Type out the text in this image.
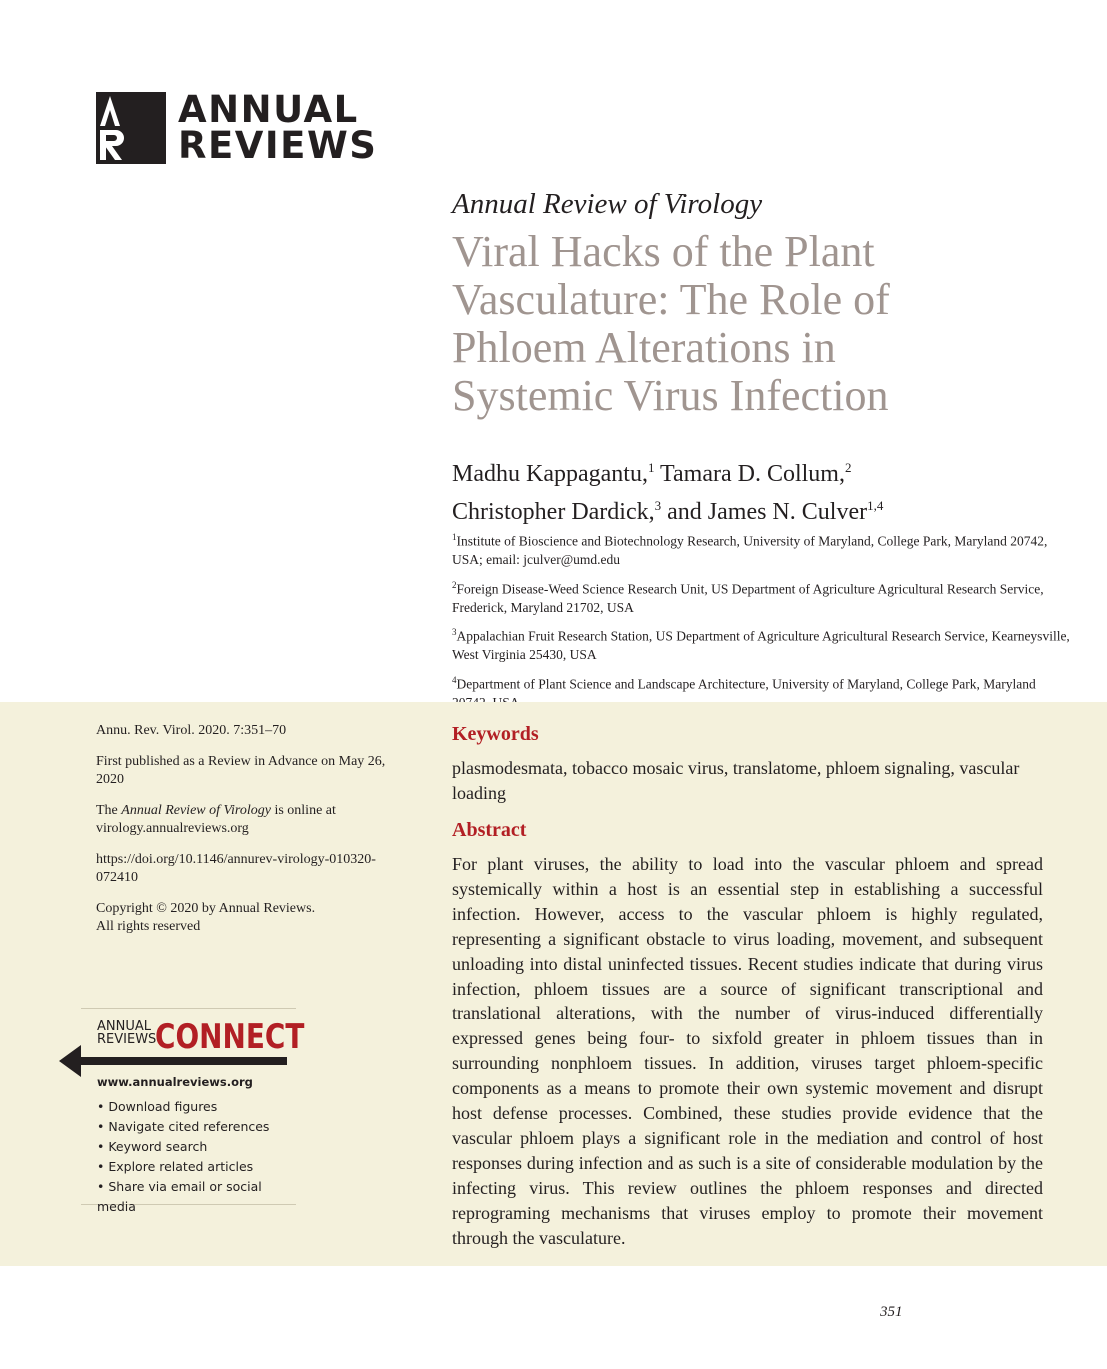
AR
ANNUAL
REVIEWS
Annual Review of Virology
Viral Hacks of the Plant
Vasculature: The Role of
Phloem Alterations in
Systemic Virus Infection
Madhu Kappagantu,$^1$ Tamara D. Collum,$^2$
Christopher Dardick,$^3$ and James N. Culver$^{1,4}$
$^1$Institute of Bioscience and Biotechnology Research, University of Maryland, College Park, Maryland 20742, USA; email: jculver@umd.edu
$^2$Foreign Disease-Weed Science Research Unit, US Department of Agriculture Agricultural Research Service, Frederick, Maryland 21702, USA
$^3$Appalachian Fruit Research Station, US Department of Agriculture Agricultural Research Service, Kearneysville, West Virginia 25430, USA
$^4$Department of Plant Science and Landscape Architecture, University of Maryland, College Park, Maryland

Annu. Rev. Virol. 2020. 7:351–70

First published as a Review in Advance on May 26, 2020

The Annual Review of Virology is online at virology.annualreviews.org

https://doi.org/10.1146/annurev-virology-010320-072410

Copyright © 2020 by Annual Reviews.
All rights reserved

ANNUAL
REVIEWS
CONNECT
www.annualreviews.org
• Download figures
• Navigate cited references
• Keyword search
• Explore related articles
• Share via email or social media
Keywords
plasmodesmata, tobacco mosaic virus, translatome, phloem signaling, vascular loading
Abstract
For plant viruses, the ability to load into the vascular phloem and spread systemically within a host is an essential step in establishing a successful infection. However, access to the vascular phloem is highly regulated, representing a significant obstacle to virus loading, movement, and subsequent unloading into distal uninfected tissues. Recent studies indicate that during virus infection, phloem tissues are a source of significant transcriptional and translational alterations, with the number of virus-induced differentially expressed genes being four- to sixfold greater in phloem tissues than in surrounding nonphloem tissues. In addition, viruses target phloem-specific components as a means to promote their own systemic movement and disrupt host defense processes. Combined, these studies provide evidence that the vascular phloem plays a significant role in the mediation and control of host responses during infection and as such is a site of considerable modulation by the infecting virus. This review outlines the phloem responses and directed reprograming mechanisms that viruses employ to promote their movement through the vasculature.
351
